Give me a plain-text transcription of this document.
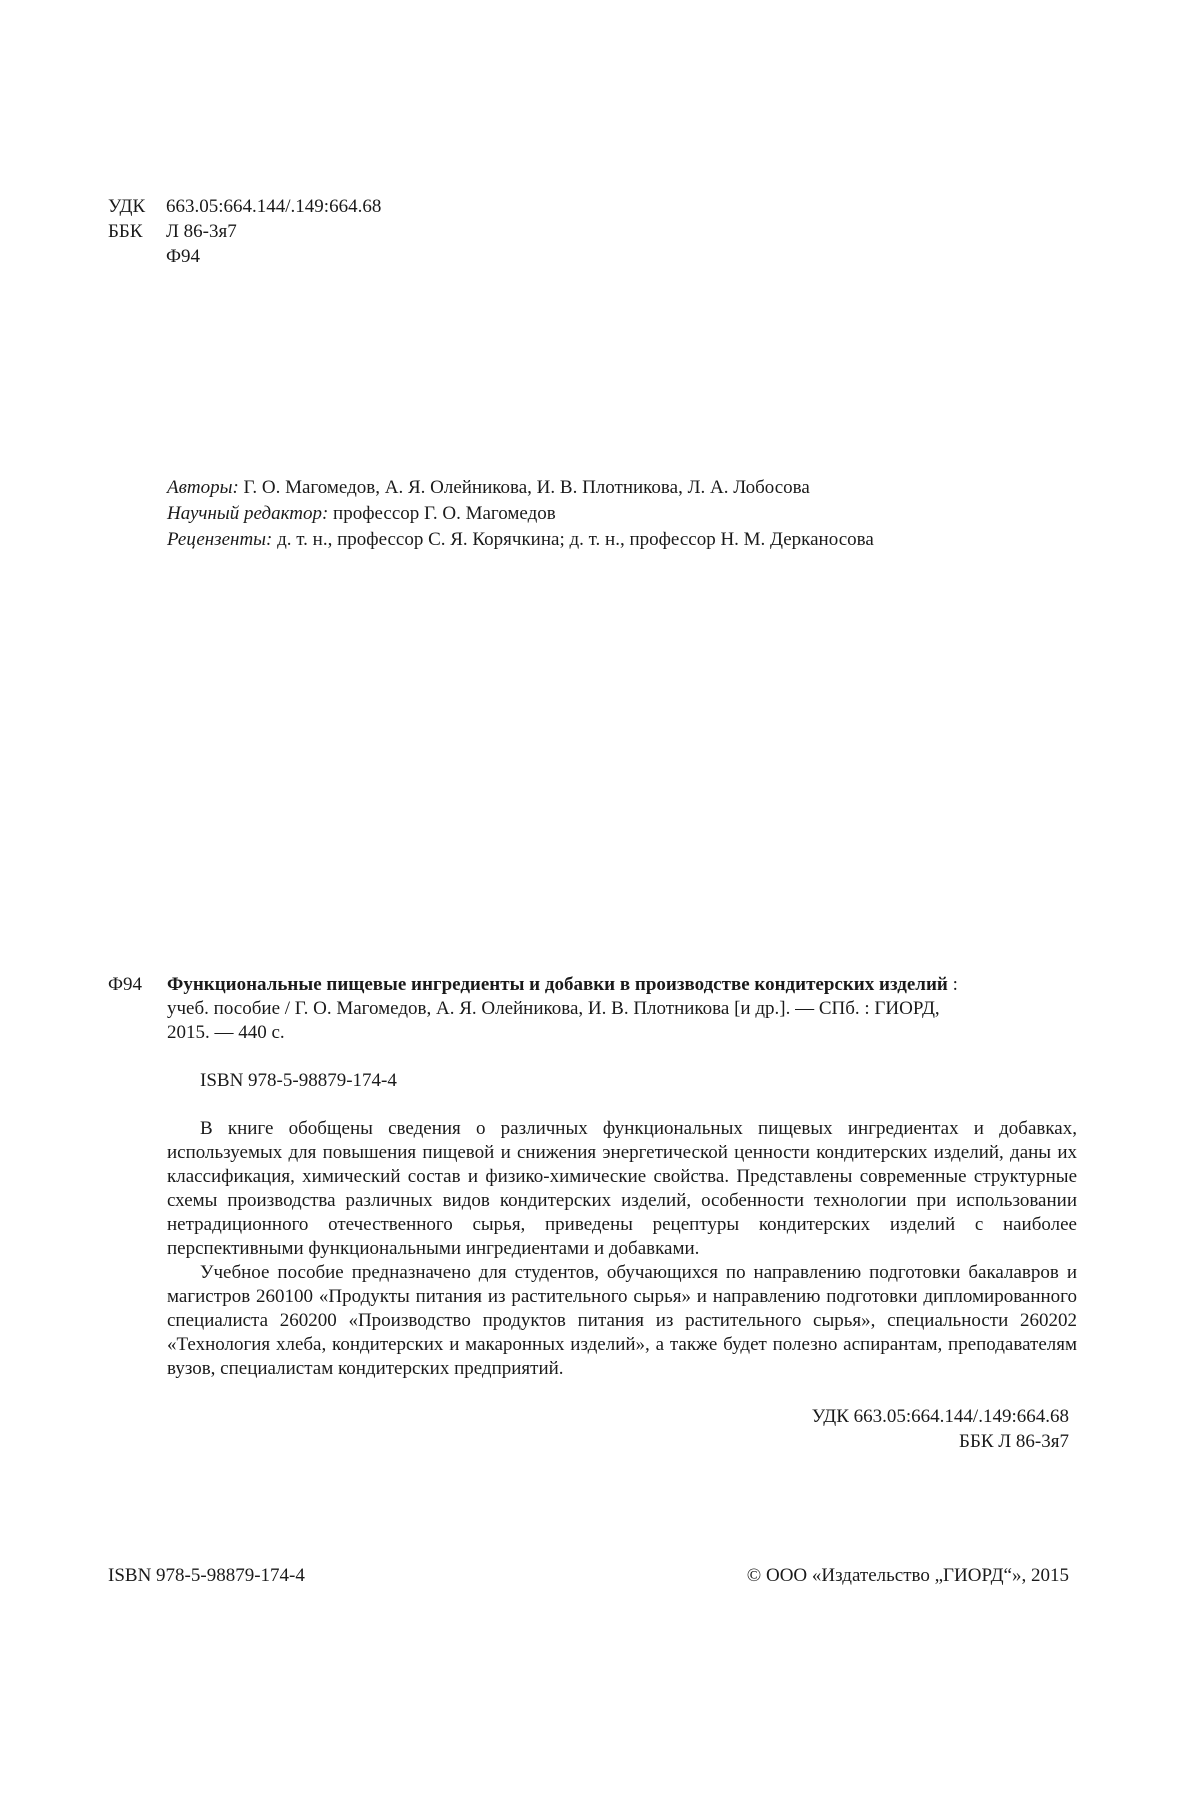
УДК	663.05:664.144/.149:664.68
ББК	Л 86-3я7
Ф94
Авторы: Г. О. Магомедов, А. Я. Олейникова, И. В. Плотникова, Л. А. Лобосова
Научный редактор: профессор Г. О. Магомедов
Рецензенты: д. т. н., профессор С. Я. Корячкина; д. т. н., профессор Н. М. Дерканосова
Ф94 Функциональные пищевые ингредиенты и добавки в производстве кондитерских изделий :
учеб. пособие / Г. О. Магомедов, А. Я. Олейникова, И. В. Плотникова [и др.]. — СПб. : ГИОРД,
2015. — 440 с.
ISBN 978-5-98879-174-4

В книге обобщены сведения о различных функциональных пищевых ингредиентах и добавках, используемых для повышения пищевой и снижения энергетической ценности кондитерских изделий, даны их классификация, химический состав и физико-химические свойства. Представлены современные структурные схемы производства различных видов кондитерских изделий, особенности технологии при использовании нетрадиционного отечественного сырья, приведены рецептуры кондитерских изделий с наиболее перспективными функциональными ингредиентами и добавками.

Учебное пособие предназначено для студентов, обучающихся по направлению подготовки бакалавров и магистров 260100 «Продукты питания из растительного сырья» и направлению подготовки дипломированного специалиста 260200 «Производство продуктов питания из растительного сырья», специальности 260202 «Технология хлеба, кондитерских и макаронных изделий», а также будет полезно аспирантам, преподавателям вузов, специалистам кондитерских предприятий.

УДК 663.05:664.144/.149:664.68
ББК Л 86-3я7
ISBN 978-5-98879-174-4	© ООО «Издательство „ГИОРД“», 2015
